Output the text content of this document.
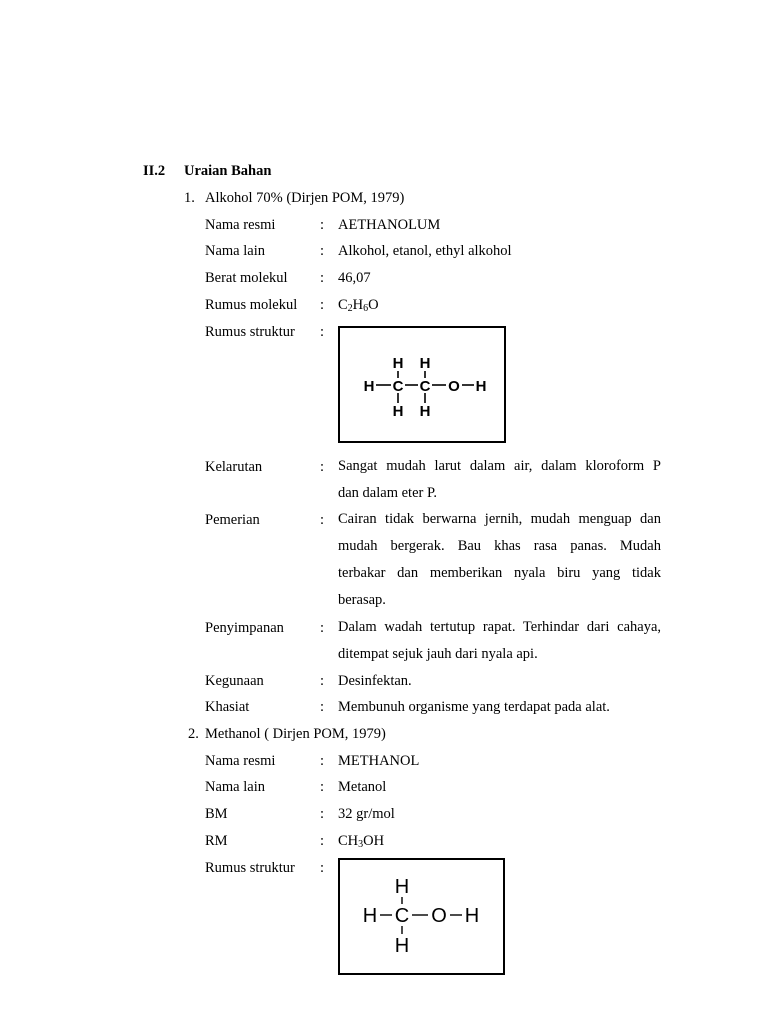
II.2 Uraian Bahan
1. Alkohol 70% (Dirjen POM, 1979)
Nama resmi	: AETHANOLUM
Nama lain	: Alkohol, etanol, ethyl alkohol
Berat molekul : 46,07
Rumus molekul : $C_2H_6O$
Rumus struktur :
H H
H C C O H
H H
Kelarutan	: Sangat mudah larut dalam air, dalam kloroform P
dan dalam eter P.
Pemerian	: Cairan tidak berwarna jernih, mudah menguap dan
mudah bergerak. Bau khas rasa panas. Mudah
terbakar dan memberikan nyala biru yang tidak
berasap.
Penyimpanan : Dalam wadah tertutup rapat. Terhindar dari cahaya,
ditempat sejuk jauh dari nyala api.
Kegunaan	: Desinfektan.
Khasiat	: Membunuh organisme yang terdapat pada alat.
2. Methanol ( Dirjen POM, 1979)
Nama resmi	: METHANOL
Nama lain	: Metanol
BM	: 32 gr/mol
RM	: $CH_3OH$
Rumus struktur :
H
H C O H
H
